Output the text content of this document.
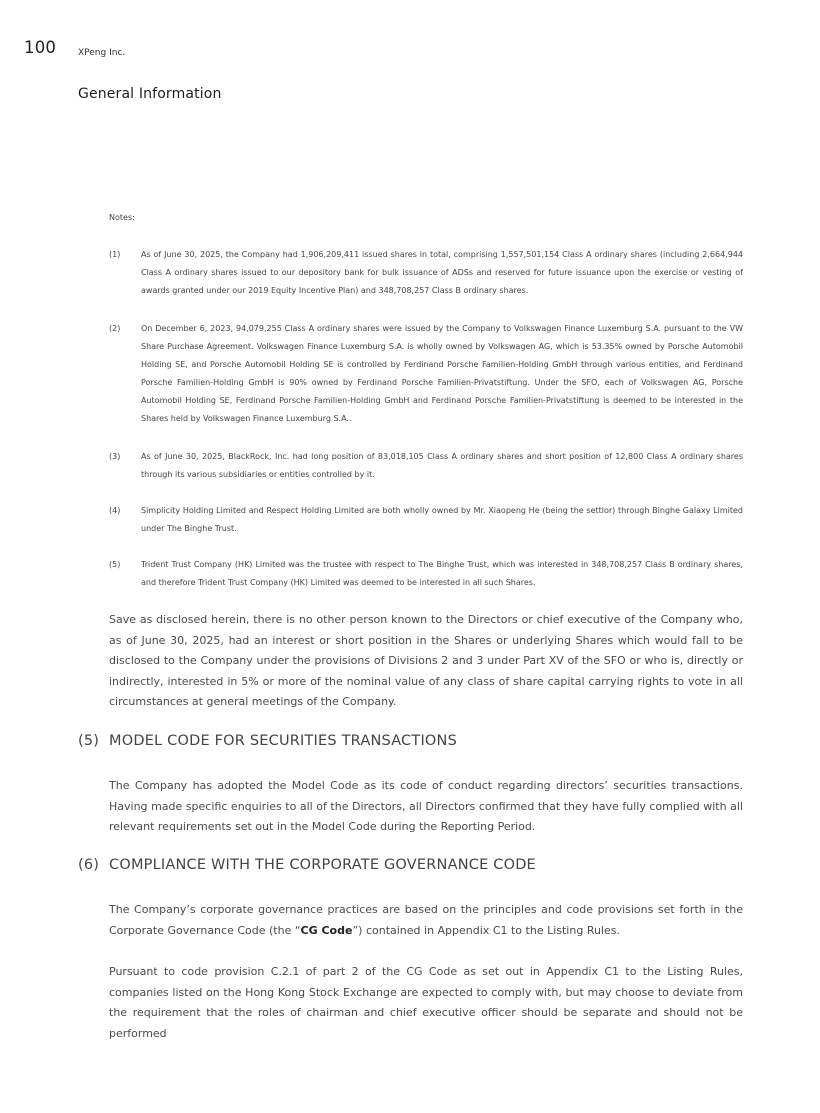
100 XPeng Inc.
General Information
Notes:
(1)	As of June 30, 2025, the Company had 1,906,209,411 issued shares in total, comprising 1,557,501,154 Class A ordinary shares (including 2,664,944 Class A ordinary shares issued to our depository bank for bulk issuance of ADSs and reserved for future issuance upon the exercise or vesting of awards granted under our 2019 Equity Incentive Plan) and 348,708,257 Class B ordinary shares.
(2)	On December 6, 2023, 94,079,255 Class A ordinary shares were issued by the Company to Volkswagen Finance Luxemburg S.A. pursuant to the VW Share Purchase Agreement. Volkswagen Finance Luxemburg S.A. is wholly owned by Volkswagen AG, which is 53.35% owned by Porsche Automobil Holding SE, and Porsche Automobil Holding SE is controlled by Ferdinand Porsche Familien-Holding GmbH through various entities, and Ferdinand Porsche Familien-Holding GmbH is 90% owned by Ferdinand Porsche Familien-Privatstiftung. Under the SFO, each of Volkswagen AG, Porsche Automobil Holding SE, Ferdinand Porsche Familien-Holding GmbH and Ferdinand Porsche Familien-Privatstiftung is deemed to be interested in the Shares held by Volkswagen Finance Luxemburg S.A..
(3)	As of June 30, 2025, BlackRock, Inc. had long position of 83,018,105 Class A ordinary shares and short position of 12,800 Class A ordinary shares through its various subsidiaries or entities controlled by it.
(4)	Simplicity Holding Limited and Respect Holding Limited are both wholly owned by Mr. Xiaopeng He (being the settlor) through Binghe Galaxy Limited under The Binghe Trust.
(5)	Trident Trust Company (HK) Limited was the trustee with respect to The Binghe Trust, which was interested in 348,708,257 Class B ordinary shares, and therefore Trident Trust Company (HK) Limited was deemed to be interested in all such Shares.
Save as disclosed herein, there is no other person known to the Directors or chief executive of the Company who, as of June 30, 2025, had an interest or short position in the Shares or underlying Shares which would fall to be disclosed to the Company under the provisions of Divisions 2 and 3 under Part XV of the SFO or who is, directly or indirectly, interested in 5% or more of the nominal value of any class of share capital carrying rights to vote in all circumstances at general meetings of the Company.
(5) MODEL CODE FOR SECURITIES TRANSACTIONS
The Company has adopted the Model Code as its code of conduct regarding directors’ securities transactions. Having made specific enquiries to all of the Directors, all Directors confirmed that they have fully complied with all relevant requirements set out in the Model Code during the Reporting Period.
(6) COMPLIANCE WITH THE CORPORATE GOVERNANCE CODE
The Company’s corporate governance practices are based on the principles and code provisions set forth in the Corporate Governance Code (the “CG Code”) contained in Appendix C1 to the Listing Rules.
Pursuant to code provision C.2.1 of part 2 of the CG Code as set out in Appendix C1 to the Listing Rules, companies listed on the Hong Kong Stock Exchange are expected to comply with, but may choose to deviate from the requirement that the roles of chairman and chief executive officer should be separate and should not be performed
